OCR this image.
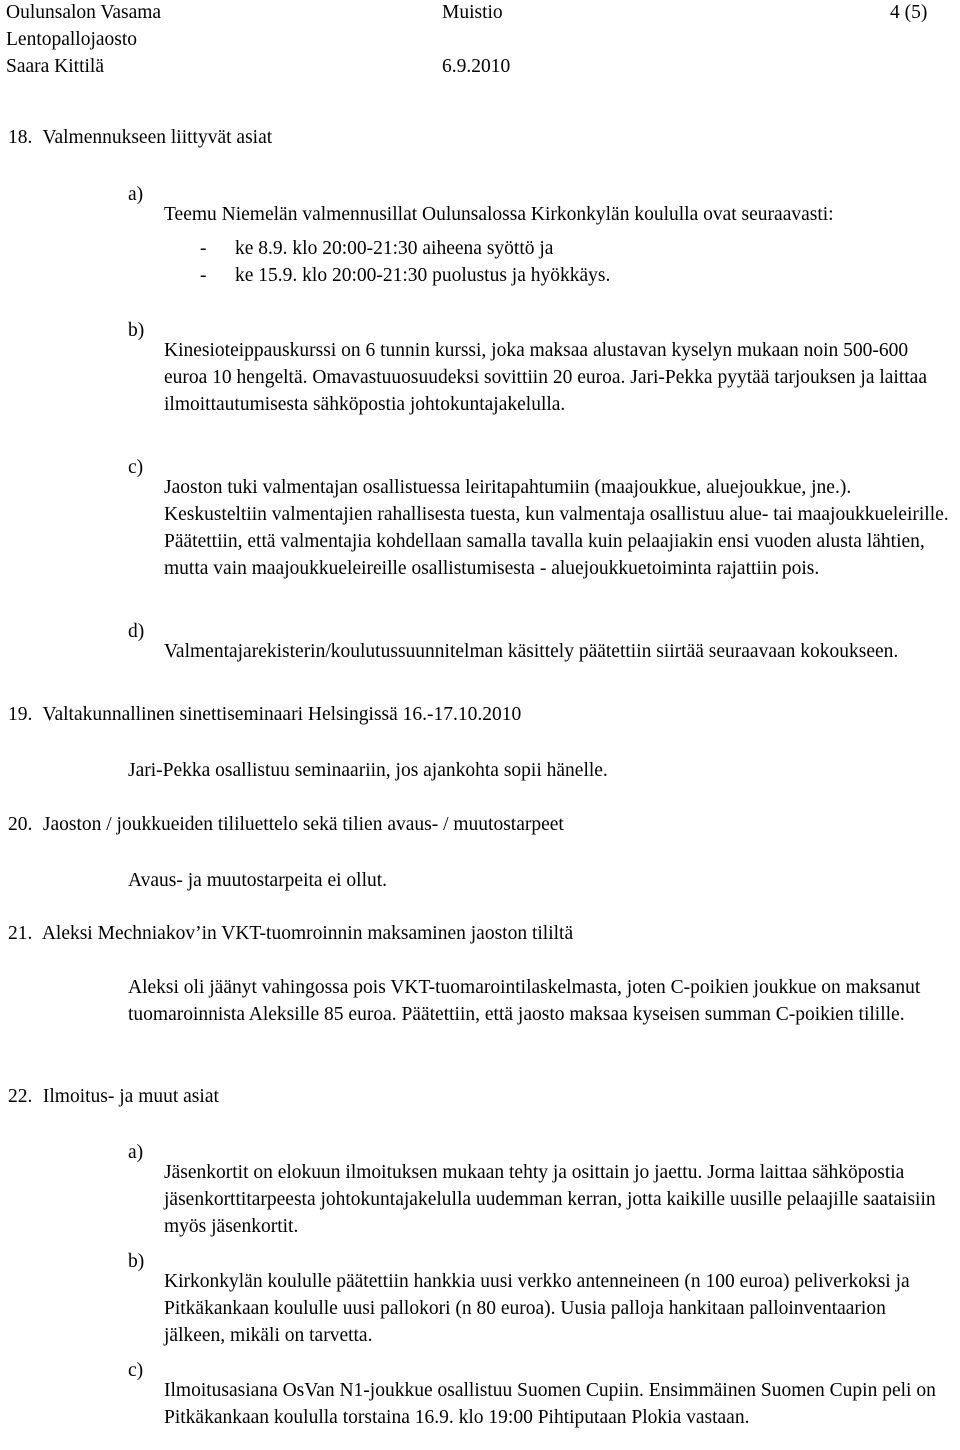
Oulunsalon Vasama
Lentopallojaosto
Saara Kittilä
Muistio
6.9.2010
4 (5)
18. Valmennukseen liittyvät asiat
a)

Teemu Niemelän valmennusillat Oulunsalossa Kirkonkylän koululla ovat seuraavasti:

- ke 8.9. klo 20:00-21:30 aiheena syöttö ja
- ke 15.9. klo 20:00-21:30 puolustus ja hyökkäys.
b)

Kinesioteippauskurssi on 6 tunnin kurssi, joka maksaa alustavan kyselyn mukaan noin 500-600 euroa 10 hengeltä. Omavastuuosuudeksi sovittiin 20 euroa. Jari-Pekka pyytää tarjouksen ja laittaa ilmoittautumisesta sähköpostia johtokuntajakelulla.

c)

Jaoston tuki valmentajan osallistuessa leiritapahtumiin (maajoukkue, aluejoukkue, jne.). Keskusteltiin valmentajien rahallisesta tuesta, kun valmentaja osallistuu alue- tai maajoukkueleirille. Päätettiin, että valmentajia kohdellaan samalla tavalla kuin pelaajiakin ensi vuoden alusta lähtien, mutta vain maajoukkueleireille osallistumisesta - aluejoukkuetoiminta rajattiin pois.

d)

Valmentajarekisterin/koulutussuunnitelman käsittely päätettiin siirtää seuraavaan kokoukseen.

19. Valtakunnallinen sinettiseminaari Helsingissä 16.-17.10.2010
Jari-Pekka osallistuu seminaariin, jos ajankohta sopii hänelle.
20. Jaoston / joukkueiden tililuettelo sekä tilien avaus- / muutostarpeet
Avaus- ja muutostarpeita ei ollut.
21. Aleksi Mechniakov’in VKT-tuomroinnin maksaminen jaoston tililtä
Aleksi oli jäänyt vahingossa pois VKT-tuomarointilaskelmasta, joten C-poikien joukkue on maksanut tuomaroinnista Aleksille 85 euroa. Päätettiin, että jaosto maksaa kyseisen summan C-poikien tilille.
22. Ilmoitus- ja muut asiat
a)

Jäsenkortit on elokuun ilmoituksen mukaan tehty ja osittain jo jaettu. Jorma laittaa sähköpostia jäsenkorttitarpeesta johtokuntajakelulla uudemman kerran, jotta kaikille uusille pelaajille saataisiin myös jäsenkortit.

b)

Kirkonkylän koululle päätettiin hankkia uusi verkko antenneineen (n 100 euroa) peliverkoksi ja Pitkäkankaan koululle uusi pallokori (n 80 euroa). Uusia palloja hankitaan palloinventaarion jälkeen, mikäli on tarvetta.

c)

Ilmoitusasiana OsVan N1-joukkue osallistuu Suomen Cupiin. Ensimmäinen Suomen Cupin peli on Pitkäkankaan koululla torstaina 16.9. klo 19:00 Pihtiputaan Plokia vastaan.
